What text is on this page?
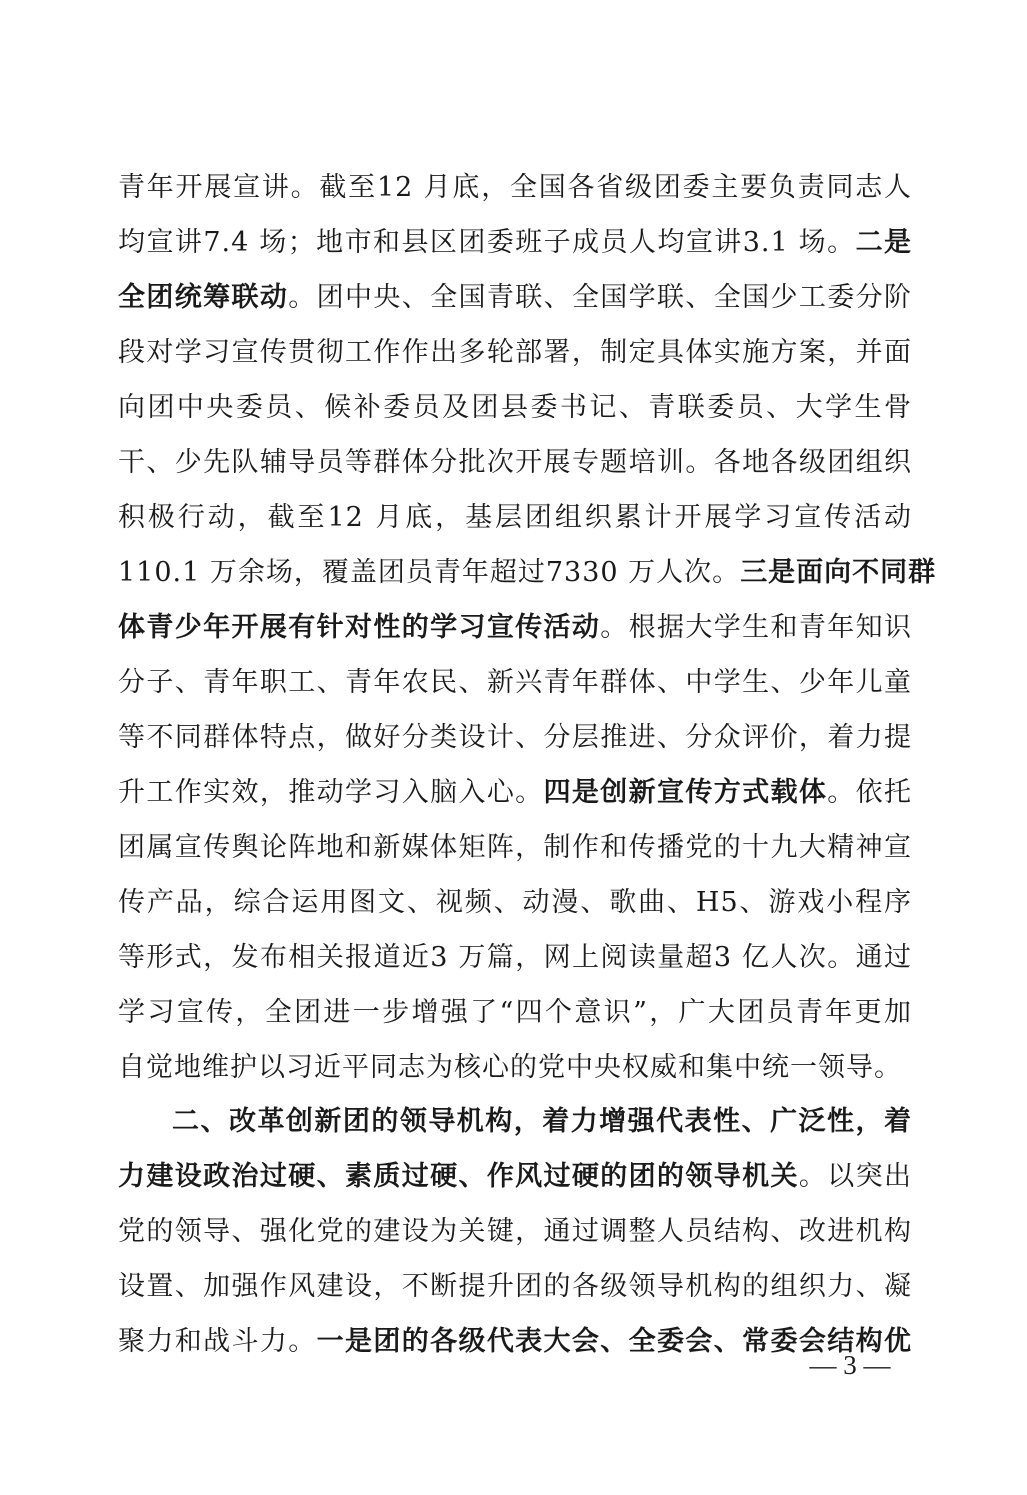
青年开展宣讲。截至12 月底，全国各省级团委主要负责同志人
均宣讲7.4 场；地市和县区团委班子成员人均宣讲3.1 场。二是
全团统筹联动。团中央、全国青联、全国学联、全国少工委分阶
段对学习宣传贯彻工作作出多轮部署，制定具体实施方案，并面
向团中央委员、候补委员及团县委书记、青联委员、大学生骨
干、少先队辅导员等群体分批次开展专题培训。各地各级团组织
积极行动，截至12 月底，基层团组织累计开展学习宣传活动
110.1 万余场，覆盖团员青年超过7330 万人次。三是面向不同群
体青少年开展有针对性的学习宣传活动。根据大学生和青年知识
分子、青年职工、青年农民、新兴青年群体、中学生、少年儿童
等不同群体特点，做好分类设计、分层推进、分众评价，着力提
升工作实效，推动学习入脑入心。四是创新宣传方式载体。依托
团属宣传舆论阵地和新媒体矩阵，制作和传播党的十九大精神宣
传产品，综合运用图文、视频、动漫、歌曲、H5、游戏小程序
等形式，发布相关报道近3 万篇，网上阅读量超3 亿人次。通过
学习宣传，全团进一步增强了“四个意识”，广大团员青年更加
自觉地维护以习近平同志为核心的党中央权威和集中统一领导。
二、改革创新团的领导机构，着力增强代表性、广泛性，着
力建设政治过硬、素质过硬、作风过硬的团的领导机关。以突出
党的领导、强化党的建设为关键，通过调整人员结构、改进机构
设置、加强作风建设，不断提升团的各级领导机构的组织力、凝
聚力和战斗力。一是团的各级代表大会、全委会、常委会结构优
— 3 —
